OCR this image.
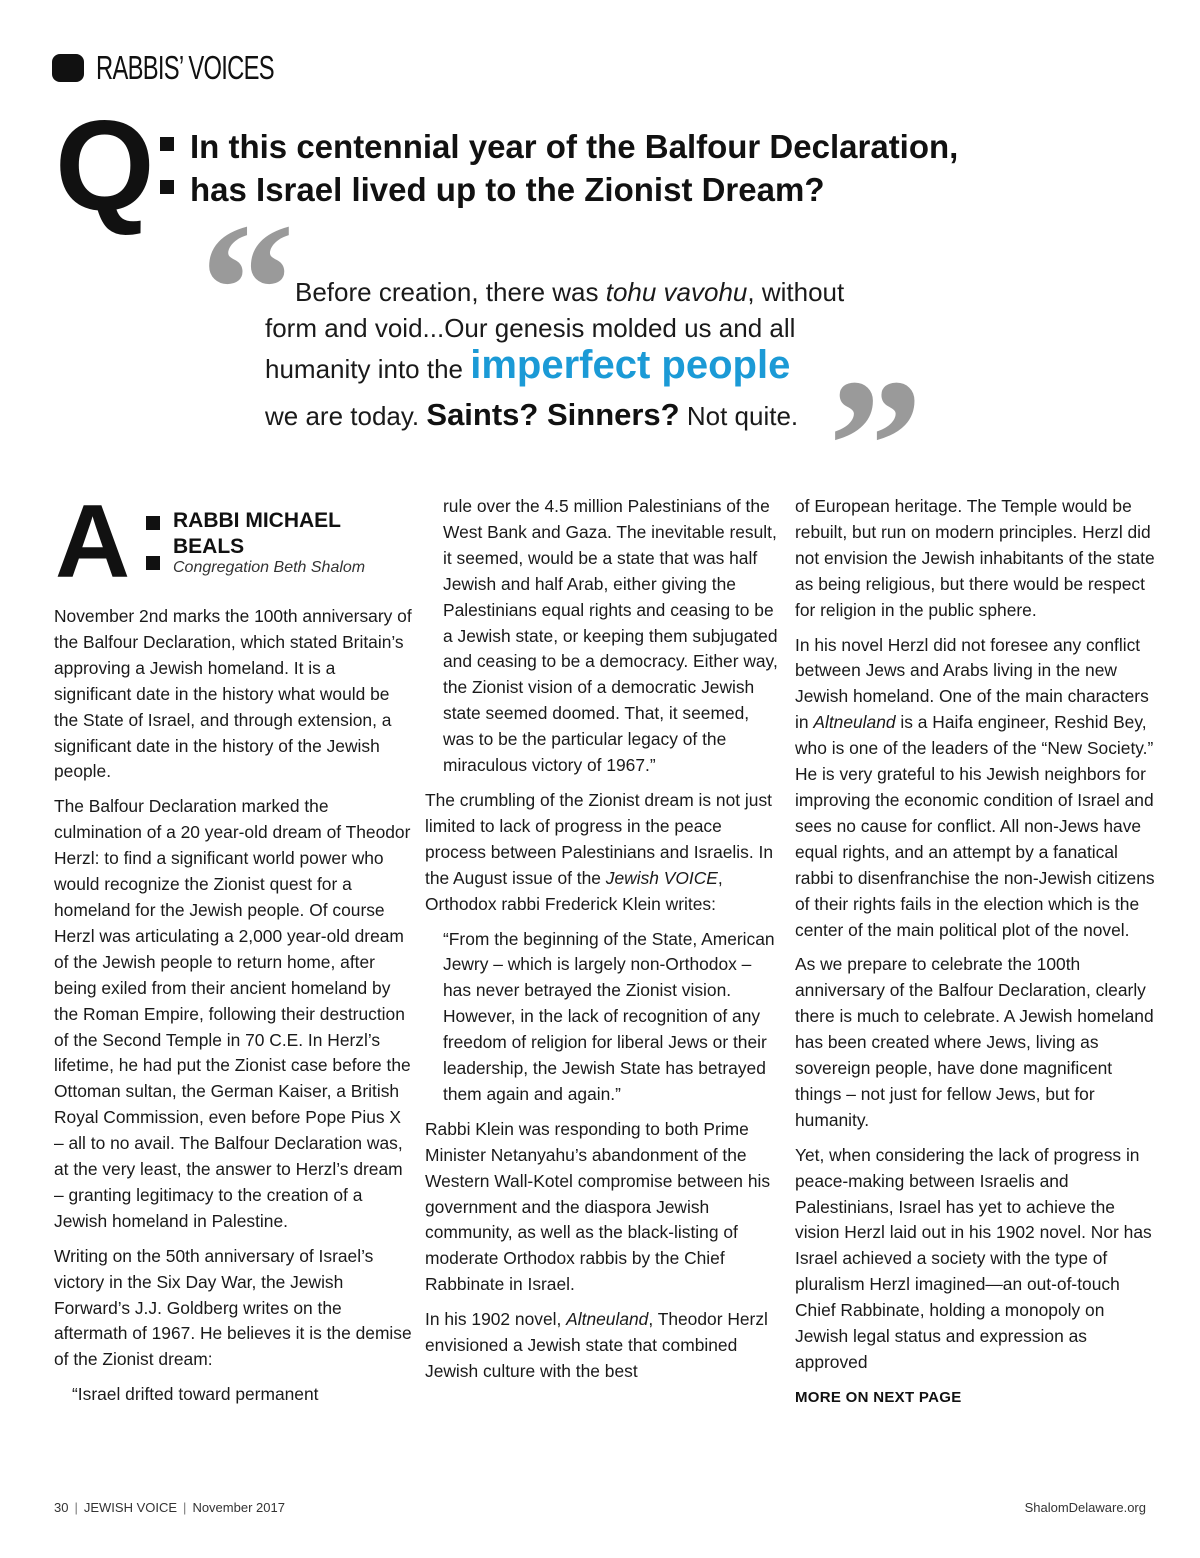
RABBIS’ VOICES
Q In this centennial year of the Balfour Declaration,
has Israel lived up to the Zionist Dream?
“ Before creation, there was tohu vavohu, without
form and void...Our genesis molded us and all
humanity into the imperfect people
we are today. Saints? Sinners? Not quite. ”
A RABBI MICHAEL
BEALS
Congregation Beth Shalom

November 2nd marks the 100th anniversary of the Balfour Declaration, which stated Britain’s approving a Jewish homeland. It is a significant date in the history what would be the State of Israel, and through extension, a significant date in the history of the Jewish people.

The Balfour Declaration marked the culmination of a 20 year-old dream of Theodor Herzl: to find a significant world power who would recognize the Zionist quest for a homeland for the Jewish people. Of course Herzl was articulating a 2,000 year-old dream of the Jewish people to return home, after being exiled from their ancient homeland by the Roman Empire, following their destruction of the Second Temple in 70 C.E. In Herzl’s lifetime, he had put the Zionist case before the Ottoman sultan, the German Kaiser, a British Royal Commission, even before Pope Pius X – all to no avail. The Balfour Declaration was, at the very least, the answer to Herzl’s dream – granting legitimacy to the creation of a Jewish homeland in Palestine.

Writing on the 50th anniversary of Israel’s victory in the Six Day War, the Jewish Forward’s J.J. Goldberg writes on the aftermath of 1967. He believes it is the demise of the Zionist dream:

“Israel drifted toward permanent

rule over the 4.5 million Palestinians of the West Bank and Gaza. The inevitable result, it seemed, would be a state that was half Jewish and half Arab, either giving the Palestinians equal rights and ceasing to be a Jewish state, or keeping them subjugated and ceasing to be a democracy. Either way, the Zionist vision of a democratic Jewish state seemed doomed. That, it seemed, was to be the particular legacy of the miraculous victory of 1967.”

The crumbling of the Zionist dream is not just limited to lack of progress in the peace process between Palestinians and Israelis. In the August issue of the Jewish VOICE, Orthodox rabbi Frederick Klein writes:

“From the beginning of the State, American Jewry – which is largely non-Orthodox – has never betrayed the Zionist vision. However, in the lack of recognition of any freedom of religion for liberal Jews or their leadership, the Jewish State has betrayed them again and again.”

Rabbi Klein was responding to both Prime Minister Netanyahu’s abandonment of the Western Wall-Kotel compromise between his government and the diaspora Jewish community, as well as the black-listing of moderate Orthodox rabbis by the Chief Rabbinate in Israel.

In his 1902 novel, Altneuland, Theodor Herzl envisioned a Jewish state that combined Jewish culture with the best

of European heritage. The Temple would be rebuilt, but run on modern principles. Herzl did not envision the Jewish inhabitants of the state as being religious, but there would be respect for religion in the public sphere.

In his novel Herzl did not foresee any conflict between Jews and Arabs living in the new Jewish homeland. One of the main characters in Altneuland is a Haifa engineer, Reshid Bey, who is one of the leaders of the “New Society.” He is very grateful to his Jewish neighbors for improving the economic condition of Israel and sees no cause for conflict. All non-Jews have equal rights, and an attempt by a fanatical rabbi to disenfranchise the non-Jewish citizens of their rights fails in the election which is the center of the main political plot of the novel.

As we prepare to celebrate the 100th anniversary of the Balfour Declaration, clearly there is much to celebrate. A Jewish homeland has been created where Jews, living as sovereign people, have done magnificent things – not just for fellow Jews, but for humanity.

Yet, when considering the lack of progress in peace-making between Israelis and Palestinians, Israel has yet to achieve the vision Herzl laid out in his 1902 novel. Nor has Israel achieved a society with the type of pluralism Herzl imagined—an out-of-touch Chief Rabbinate, holding a monopoly on Jewish legal status and expression as approved

MORE ON NEXT PAGE
30 | JEWISH VOICE | November 2017	ShalomDelaware.org
